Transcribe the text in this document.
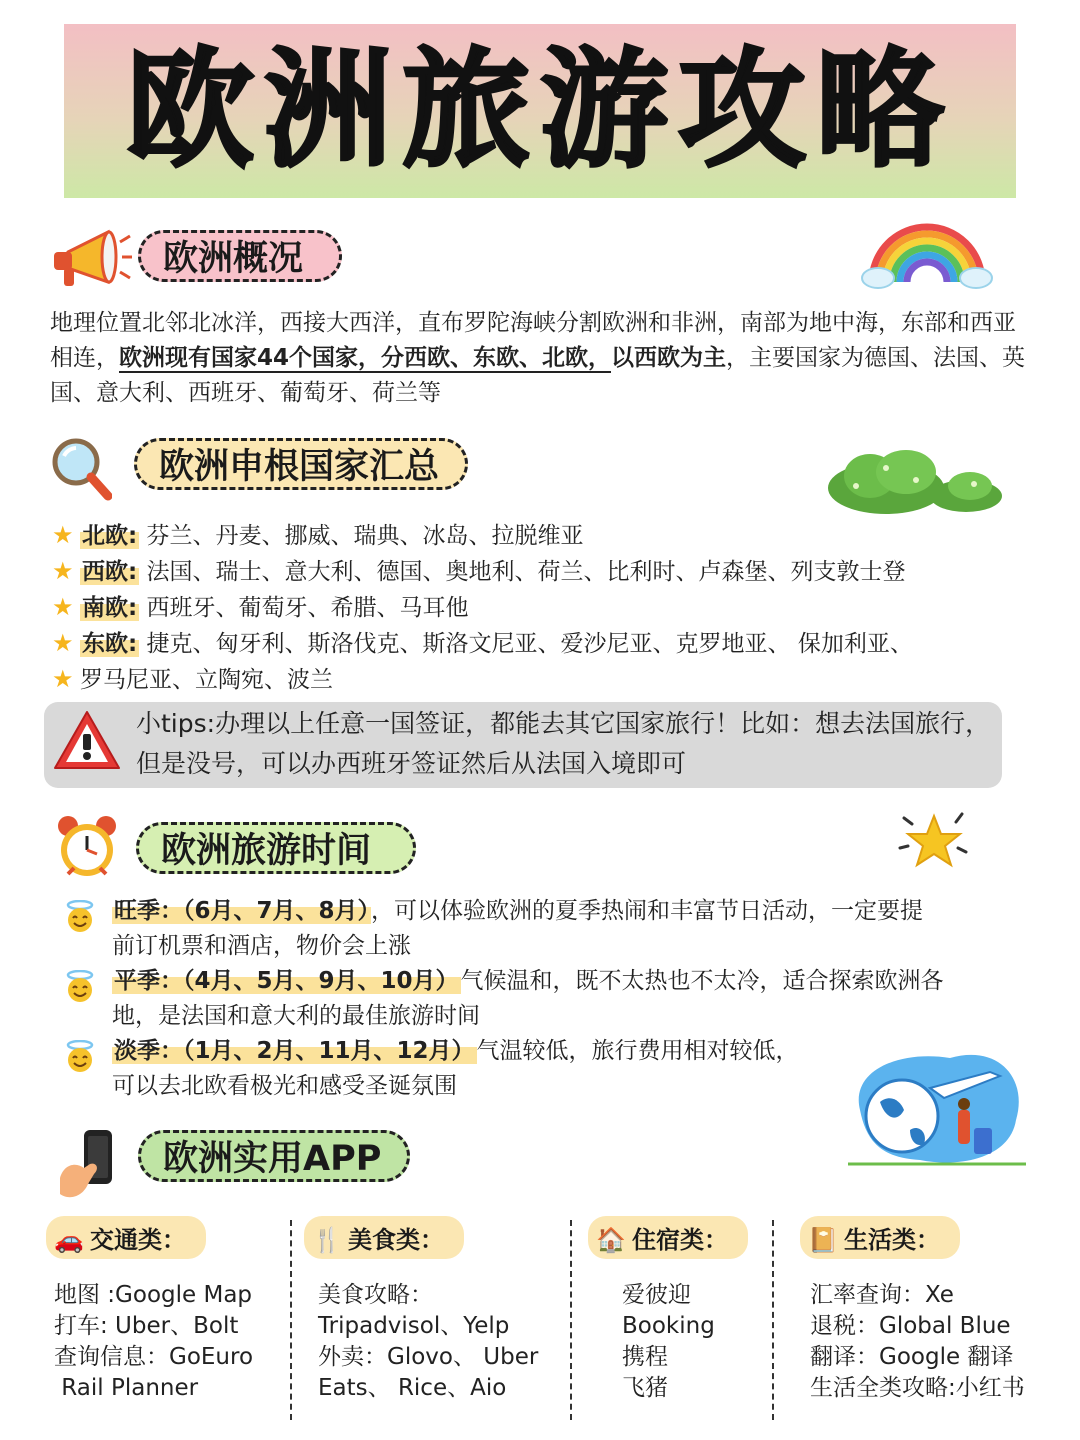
欧洲旅游攻略
欧洲概况
地理位置北邻北冰洋，西接大西洋，直布罗陀海峡分割欧洲和非洲，南部为地中海，东部和西亚相连，欧洲现有国家44个国家，分西欧、东欧、北欧，以西欧为主，主要国家为德国、法国、英国、意大利、西班牙、葡萄牙、荷兰等
欧洲申根国家汇总
★ 北欧: 芬兰、丹麦、挪威、瑞典、冰岛、拉脱维亚
★ 西欧: 法国、瑞士、意大利、德国、奥地利、荷兰、比利时、卢森堡、列支敦士登
★ 南欧: 西班牙、葡萄牙、希腊、马耳他
★ 东欧: 捷克、匈牙利、斯洛伐克、斯洛文尼亚、爱沙尼亚、克罗地亚、 保加利亚、
★ 罗马尼亚、立陶宛、波兰
小tips:办理以上任意一国签证，都能去其它国家旅行！比如：想去法国旅行，但是没号，可以办西班牙签证然后从法国入境即可
欧洲旅游时间
旺季：（6月、7月、8月），可以体验欧洲的夏季热闹和丰富节日活动，一定要提
前订机票和酒店，物价会上涨
平季：（4月、5月、9月、10月）气候温和，既不太热也不太冷，适合探索欧洲各
地，是法国和意大利的最佳旅游时间
淡季：（1月、2月、11月、12月）气温较低，旅行费用相对较低，
可以去北欧看极光和感受圣诞氛围
欧洲实用APP
🚗 交通类：
地图 :Google Map
打车: Uber、Bolt
查询信息：GoEuro
Rail Planner
🍴 美食类：
美食攻略：
Tripadvisol、Yelp
外卖：Glovo、 Uber
Eats、 Rice、Aio
🏠 住宿类：
爱彼迎
Booking
携程
飞猪
📔 生活类：
汇率查询：Xe
退税：Global Blue
翻译：Google 翻译
生活全类攻略:小红书
